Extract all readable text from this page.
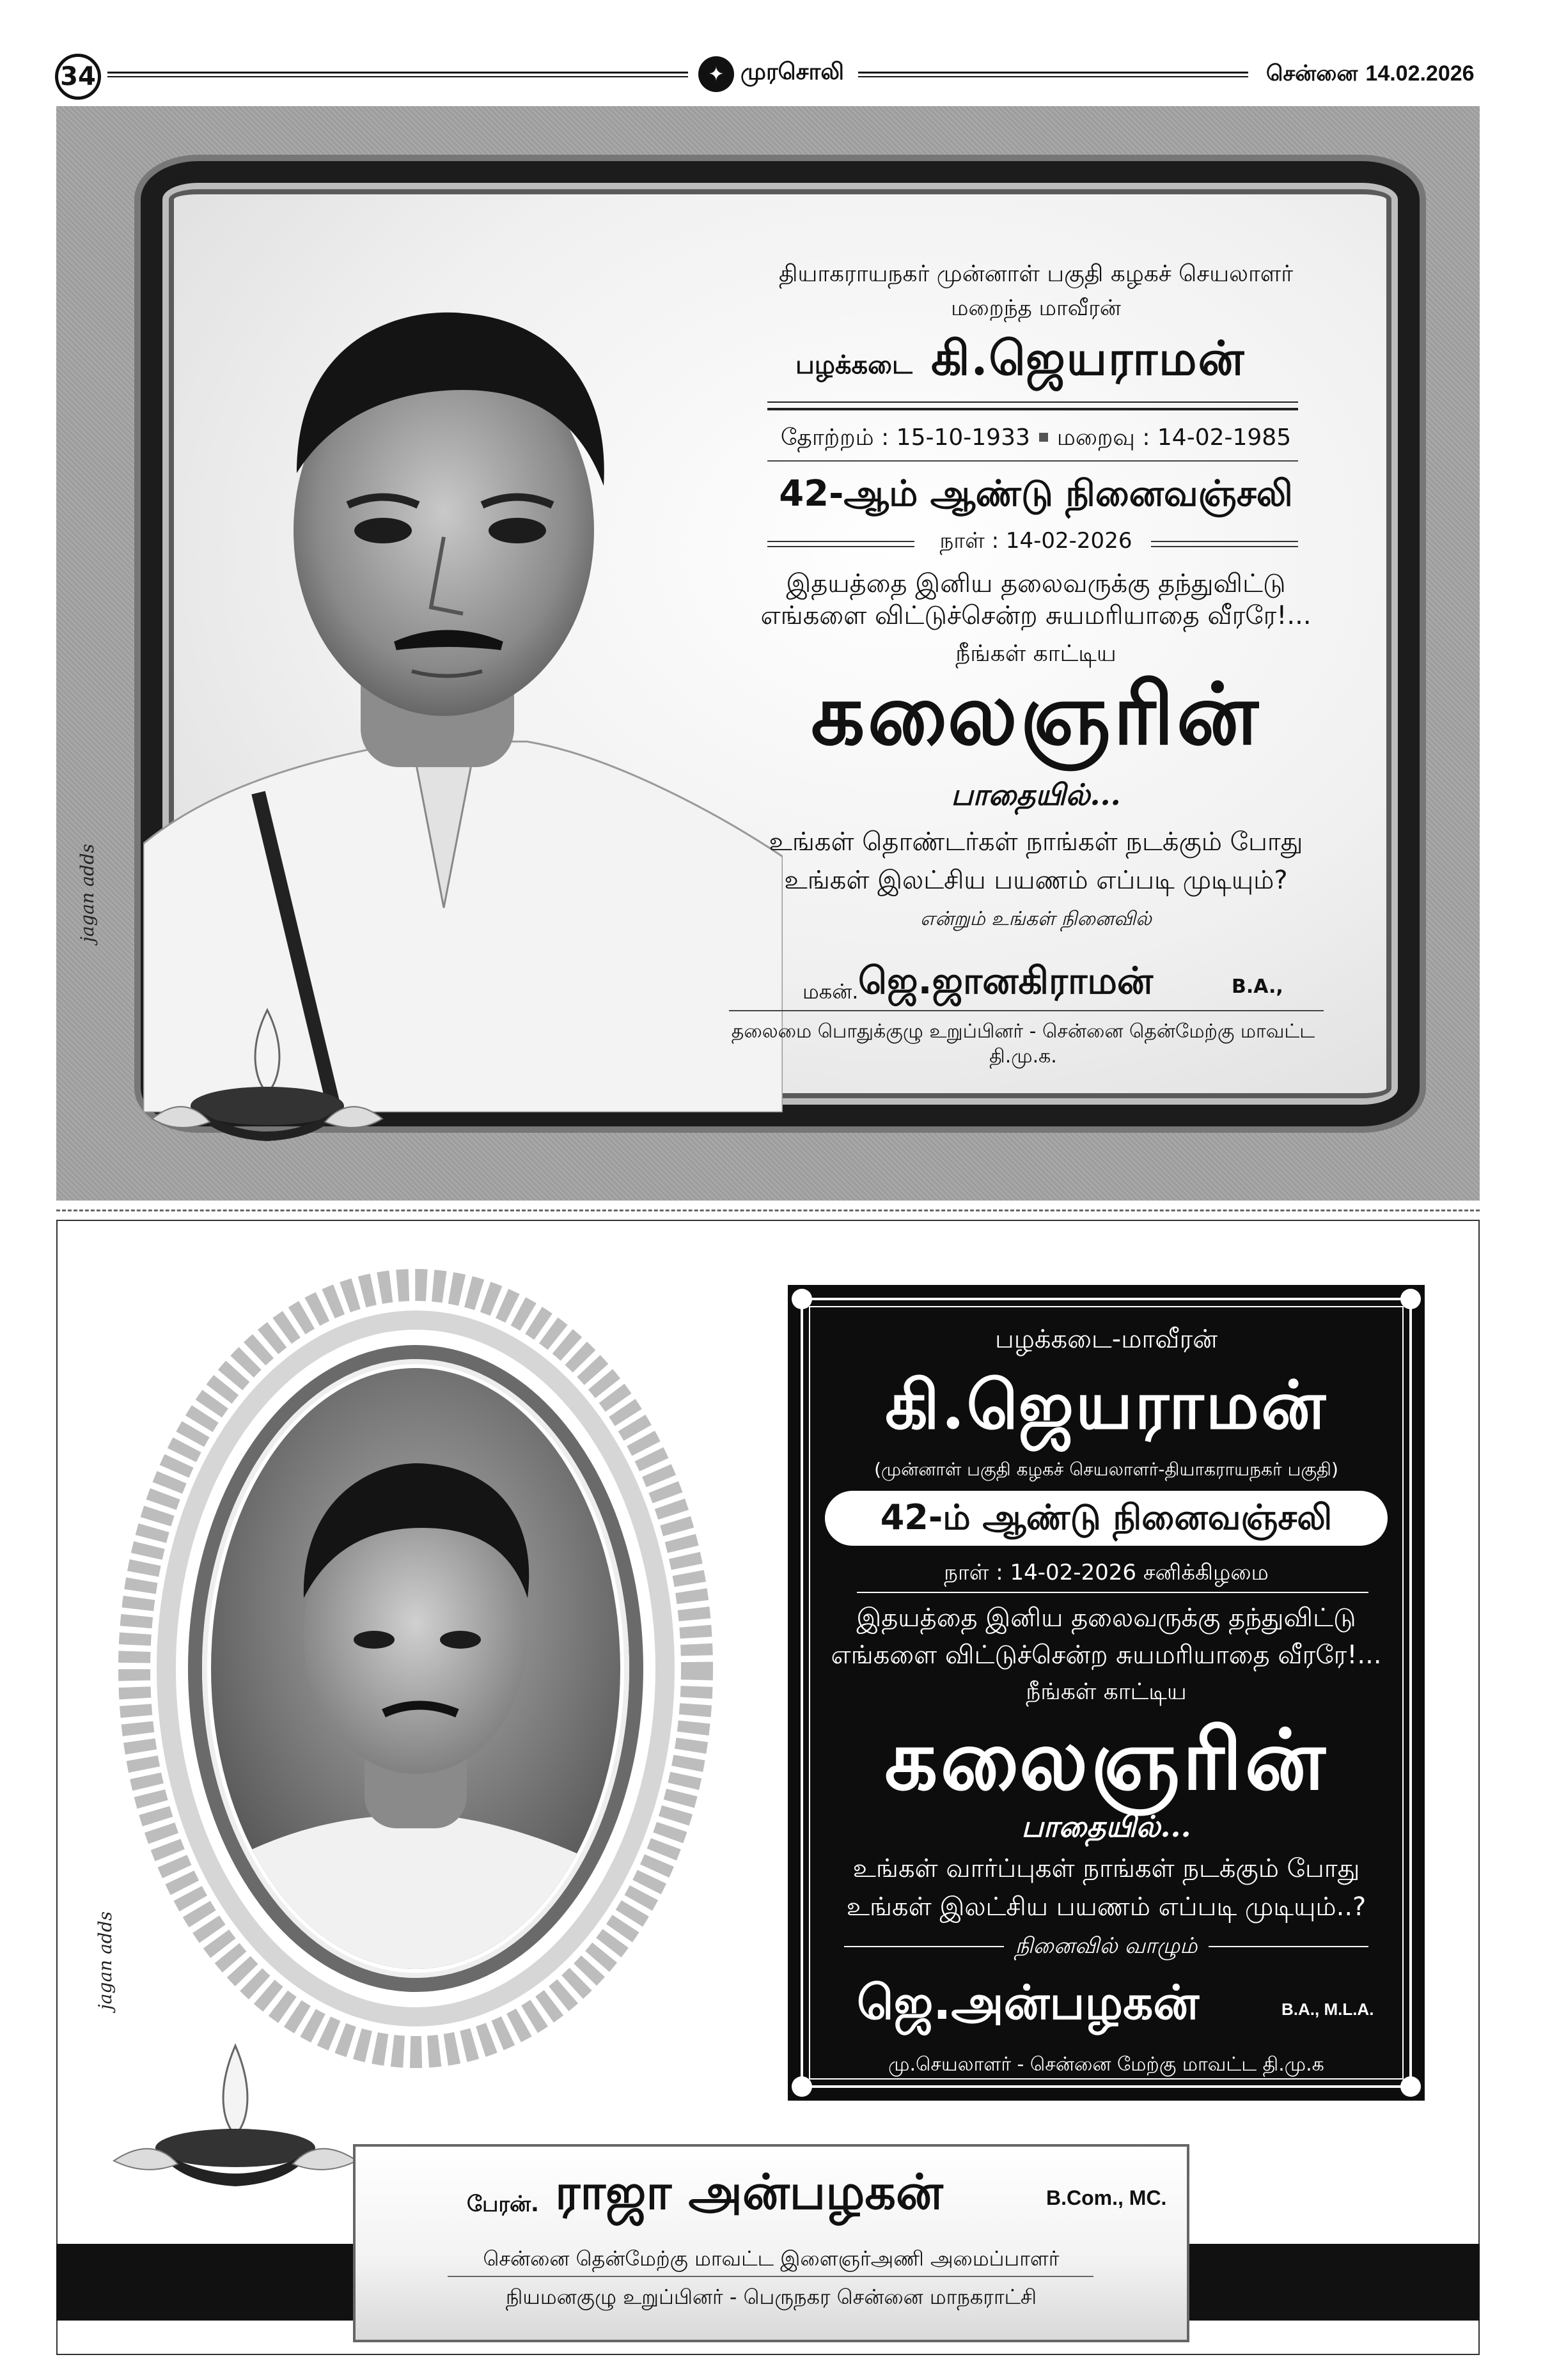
34	✦ முரசொலி	சென்னை 14.02.2026
jagan adds
தியாகராயநகர் முன்னாள் பகுதி கழகச் செயலாளர்
மறைந்த மாவீரன்
பழக்கடை கி.ஜெயராமன்
தோற்றம் : 15-10-1933 மறைவு : 14-02-1985
42-ஆம் ஆண்டு நினைவஞ்சலி
நாள் : 14-02-2026
இதயத்தை இனிய தலைவருக்கு தந்துவிட்டு
எங்களை விட்டுச்சென்ற சுயமரியாதை வீரரே!...
நீங்கள் காட்டிய
கலைஞரின்
பாதையில்...
உங்கள் தொண்டர்கள் நாங்கள் நடக்கும் போது
உங்கள் இலட்சிய பயணம் எப்படி முடியும்?
என்றும் உங்கள் நினைவில்
மகன். ஜெ.ஜானகிராமன்	B.A.,
தலைமை பொதுக்குழு உறுப்பினர் - சென்னை தென்மேற்கு மாவட்ட தி.மு.க.
jagan adds
பழக்கடை-மாவீரன்
கி.ஜெயராமன்
(முன்னாள் பகுதி கழகச் செயலாளர்-தியாகராயநகர் பகுதி)
42-ம் ஆண்டு நினைவஞ்சலி
நாள் : 14-02-2026 சனிக்கிழமை
இதயத்தை இனிய தலைவருக்கு தந்துவிட்டு
எங்களை விட்டுச்சென்ற சுயமரியாதை வீரரே!...
நீங்கள் காட்டிய
கலைஞரின்
பாதையில்...
உங்கள் வார்ப்புகள் நாங்கள் நடக்கும் போது
உங்கள் இலட்சிய பயணம் எப்படி முடியும்..?
நினைவில் வாழும்
ஜெ.அன்பழகன்	B.A., M.L.A.
மு.செயலாளர் - சென்னை மேற்கு மாவட்ட தி.மு.க
பேரன். ராஜா அன்பழகன்	B.Com., MC.
சென்னை தென்மேற்கு மாவட்ட இளைஞர்அணி அமைப்பாளர்
நியமனகுழு உறுப்பினர் - பெருநகர சென்னை மாநகராட்சி
